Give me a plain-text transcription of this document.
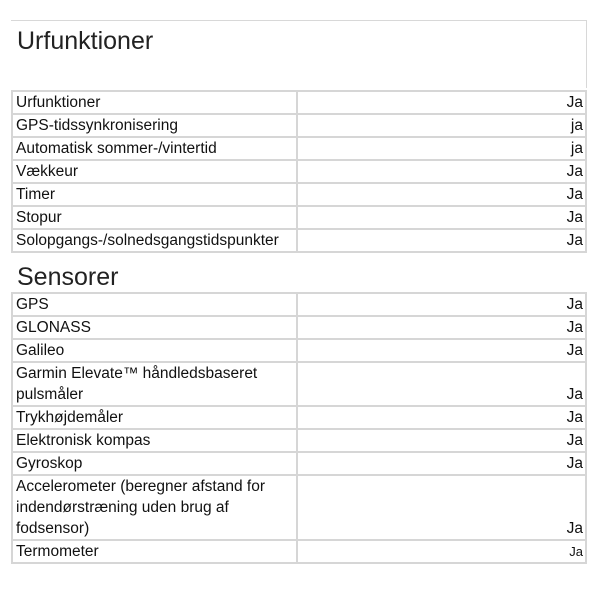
Urfunktioner
Urfunktioner	Ja
GPS-tidssynkronisering	ja
Automatisk sommer-/vintertid	ja
Vækkeur	Ja
Timer	Ja
Stopur	Ja
Solopgangs-/solnedsgangstidspunkter	Ja
Sensorer
GPS	Ja
GLONASS	Ja
Galileo	Ja
Garmin Elevate™ håndledsbaseret pulsmåler	Ja
Trykhøjdemåler	Ja
Elektronisk kompas	Ja
Gyroskop	Ja
Accelerometer (beregner afstand for indendørstræning uden brug af fodsensor)	Ja
Termometer	Ja
